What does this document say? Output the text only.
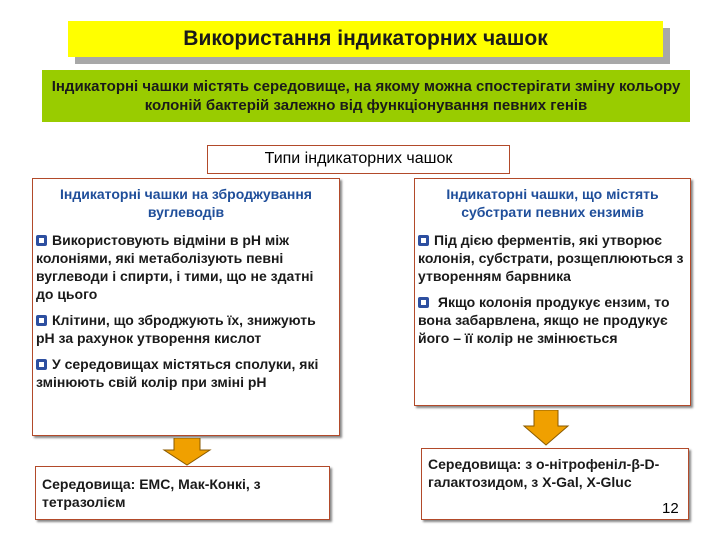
Використання індикаторних чашок
Індикаторні чашки містять середовище, на якому можна спостерігати зміну кольору колоній бактерій залежно від функціонування певних генів
Типи індикаторних чашок
Індикаторні чашки на зброджування вуглеводів
Використовують відміни в рН між колоніями, які метаболізують певні вуглеводи і спирти, і тими, що не здатні до цього
Клітини, що зброджують їх, знижують рН за рахунок утворення кислот
У середовищах містяться сполуки, які змінюють свій колір при зміні рН
Індикаторні чашки, що містять субстрати певних ензимів
Під дією ферментів, які утворює колонія, субстрати, розщеплюються з утворенням барвника
Якщо колонія продукує ензим, то вона забарвлена, якщо не продукує його – її колір не змінюється
Середовища: ЕМС, Мак-Конкі, з тетразолієм
Середовища: з о-нітрофеніл-β-D-галактозидом, з X-Gal, X-Gluc
12
